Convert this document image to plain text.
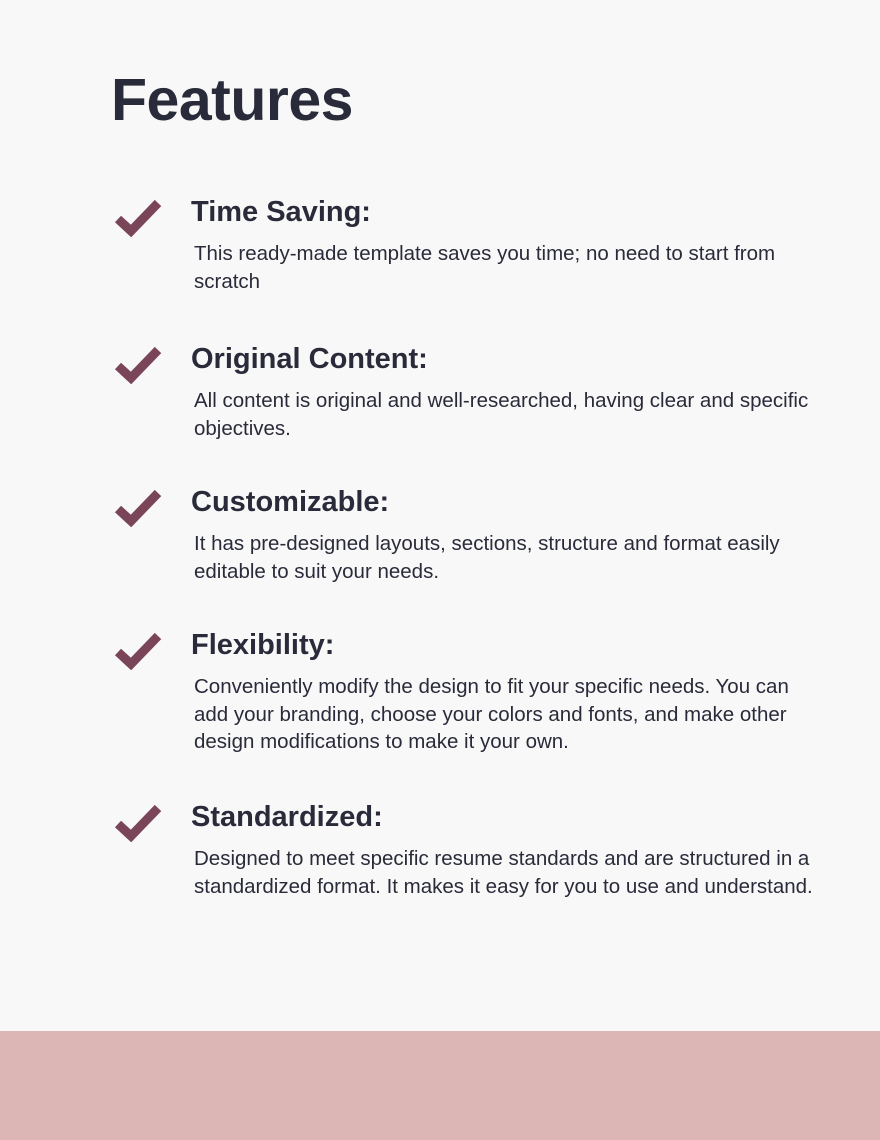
Features
Time Saving:

This ready-made template saves you time; no need to start from scratch

Original Content:

All content is original and well-researched, having clear and specific objectives.

Customizable:

It has pre-designed layouts, sections, structure and format easily editable to suit your needs.

Flexibility:

Conveniently modify the design to fit your specific needs. You can add your branding, choose your colors and fonts, and make other design modifications to make it your own.

Standardized:

Designed to meet specific resume standards and are structured in a standardized format. It makes it easy for you to use and understand.
